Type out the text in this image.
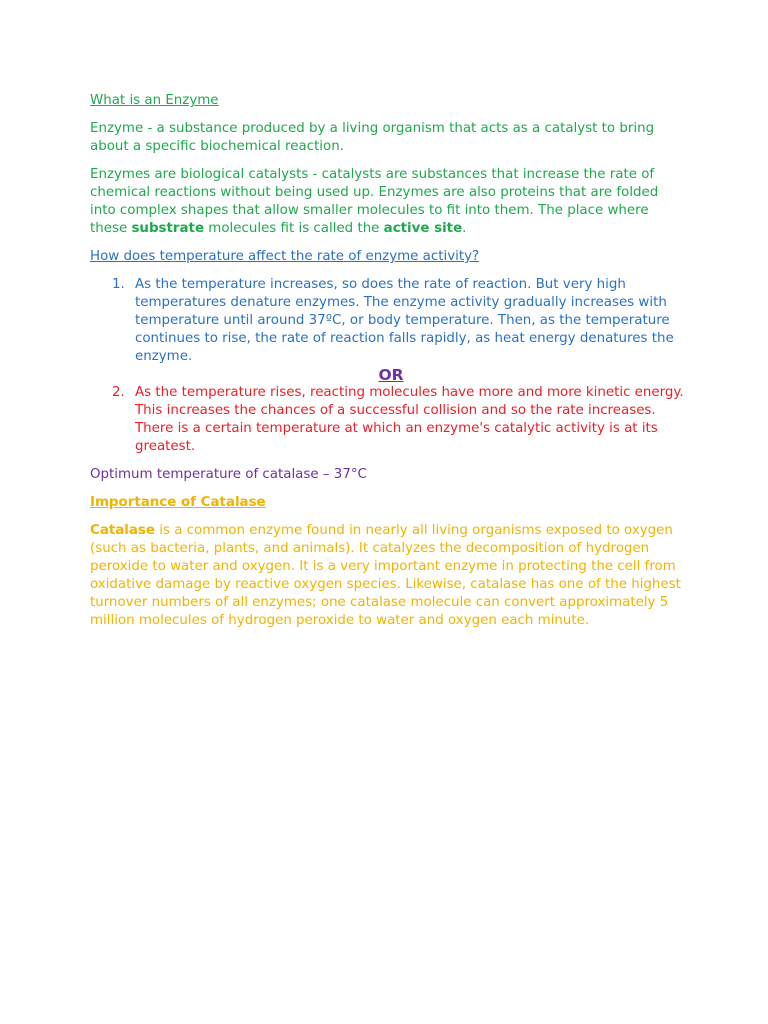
What is an Enzyme

Enzyme - a substance produced by a living organism that acts as a catalyst to bring about a specific biochemical reaction.

Enzymes are biological catalysts - catalysts are substances that increase the rate of chemical reactions without being used up. Enzymes are also proteins that are folded into complex shapes that allow smaller molecules to fit into them. The place where these substrate molecules fit is called the active site.

How does temperature affect the rate of enzyme activity?

1. As the temperature increases, so does the rate of reaction. But very high temperatures denature enzymes. The enzyme activity gradually increases with temperature until around 37ºC, or body temperature. Then, as the temperature continues to rise, the rate of reaction falls rapidly, as heat energy denatures the enzyme.
OR
2. As the temperature rises, reacting molecules have more and more kinetic energy. This increases the chances of a successful collision and so the rate increases. There is a certain temperature at which an enzyme's catalytic activity is at its greatest.

Optimum temperature of catalase – 37°C

Importance of Catalase

Catalase is a common enzyme found in nearly all living organisms exposed to oxygen (such as bacteria, plants, and animals). It catalyzes the decomposition of hydrogen peroxide to water and oxygen. It is a very important enzyme in protecting the cell from oxidative damage by reactive oxygen species. Likewise, catalase has one of the highest turnover numbers of all enzymes; one catalase molecule can convert approximately 5 million molecules of hydrogen peroxide to water and oxygen each minute.
